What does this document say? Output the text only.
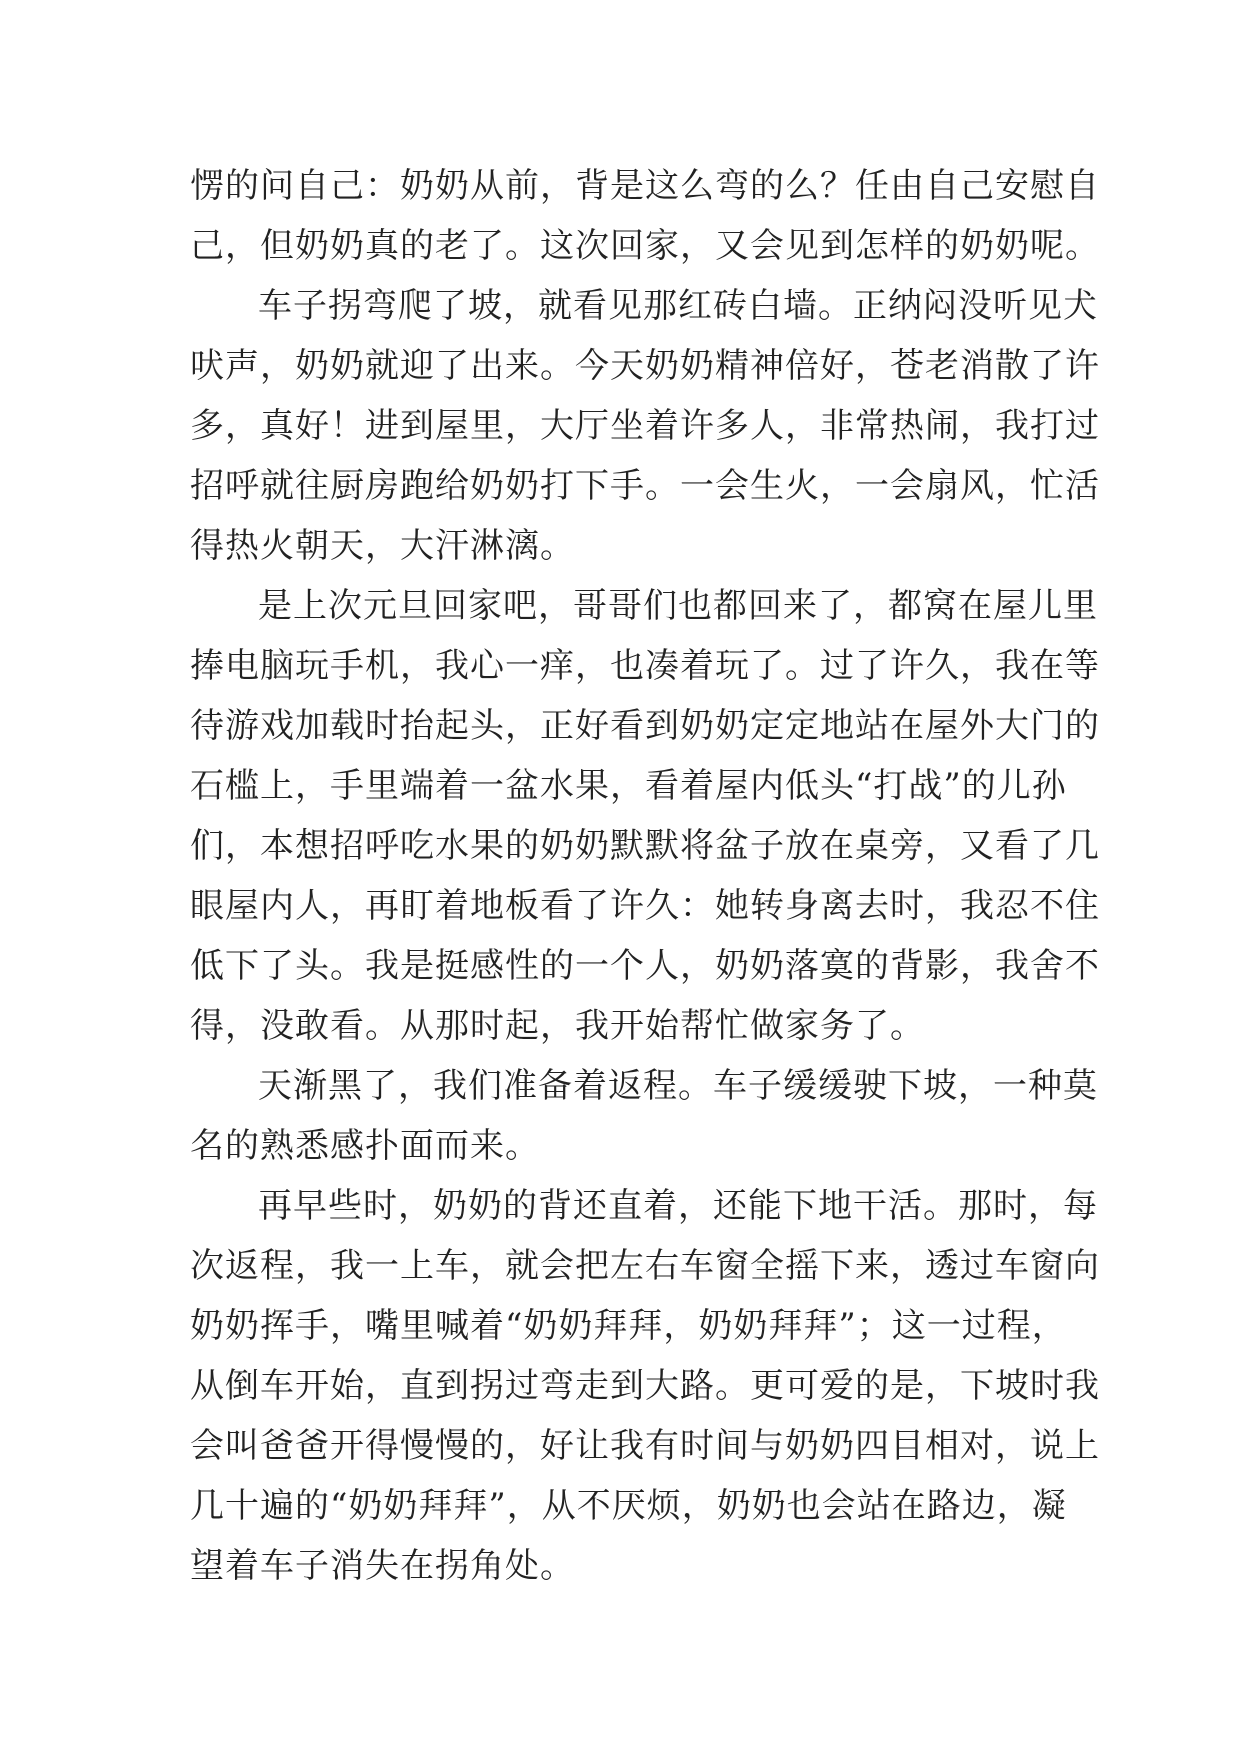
愣的问自己：奶奶从前，背是这么弯的么？任由自己安慰自
己，但奶奶真的老了。这次回家，又会见到怎样的奶奶呢。
车子拐弯爬了坡，就看见那红砖白墙。正纳闷没听见犬
吠声，奶奶就迎了出来。今天奶奶精神倍好，苍老消散了许
多，真好！进到屋里，大厅坐着许多人，非常热闹，我打过
招呼就往厨房跑给奶奶打下手。一会生火，一会扇风，忙活
得热火朝天，大汗淋漓。
是上次元旦回家吧，哥哥们也都回来了，都窝在屋儿里
捧电脑玩手机，我心一痒，也凑着玩了。过了许久，我在等
待游戏加载时抬起头，正好看到奶奶定定地站在屋外大门的
石槛上，手里端着一盆水果，看着屋内低头“打战”的儿孙
们，本想招呼吃水果的奶奶默默将盆子放在桌旁，又看了几
眼屋内人，再盯着地板看了许久：她转身离去时，我忍不住
低下了头。我是挺感性的一个人，奶奶落寞的背影，我舍不
得，没敢看。从那时起，我开始帮忙做家务了。
天渐黑了，我们准备着返程。车子缓缓驶下坡，一种莫
名的熟悉感扑面而来。
再早些时，奶奶的背还直着，还能下地干活。那时，每
次返程，我一上车，就会把左右车窗全摇下来，透过车窗向
奶奶挥手，嘴里喊着“奶奶拜拜，奶奶拜拜”；这一过程，
从倒车开始，直到拐过弯走到大路。更可爱的是，下坡时我
会叫爸爸开得慢慢的，好让我有时间与奶奶四目相对，说上
几十遍的“奶奶拜拜”，从不厌烦，奶奶也会站在路边，凝
望着车子消失在拐角处。
